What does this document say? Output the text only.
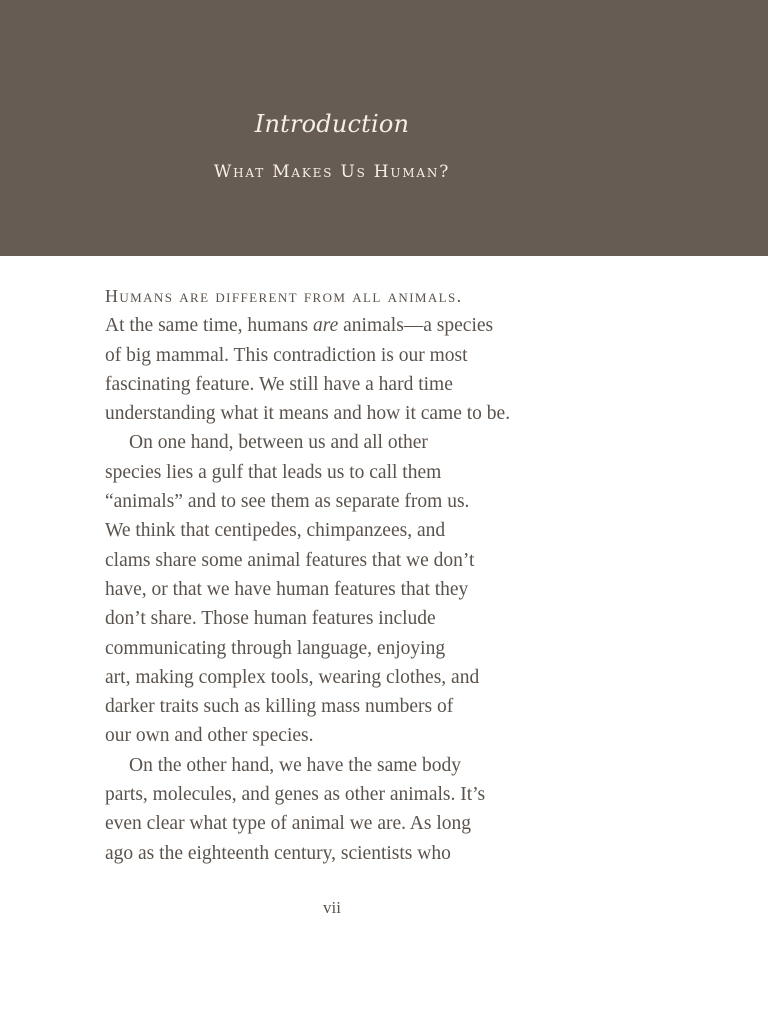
Introduction
What Makes Us Human?

Humans are different from all animals.
At the same time, humans are animals—a species
of big mammal. This contradiction is our most
fascinating feature. We still have a hard time
understanding what it means and how it came to be.

On one hand, between us and all other
species lies a gulf that leads us to call them
“animals” and to see them as separate from us.
We think that centipedes, chimpanzees, and
clams share some animal features that we don’t
have, or that we have human features that they
don’t share. Those human features include
communicating through language, enjoying
art, making complex tools, wearing clothes, and
darker traits such as killing mass numbers of
our own and other species.

On the other hand, we have the same body
parts, molecules, and genes as other animals. It’s
even clear what type of animal we are. As long
ago as the eighteenth century, scientists who

vii
